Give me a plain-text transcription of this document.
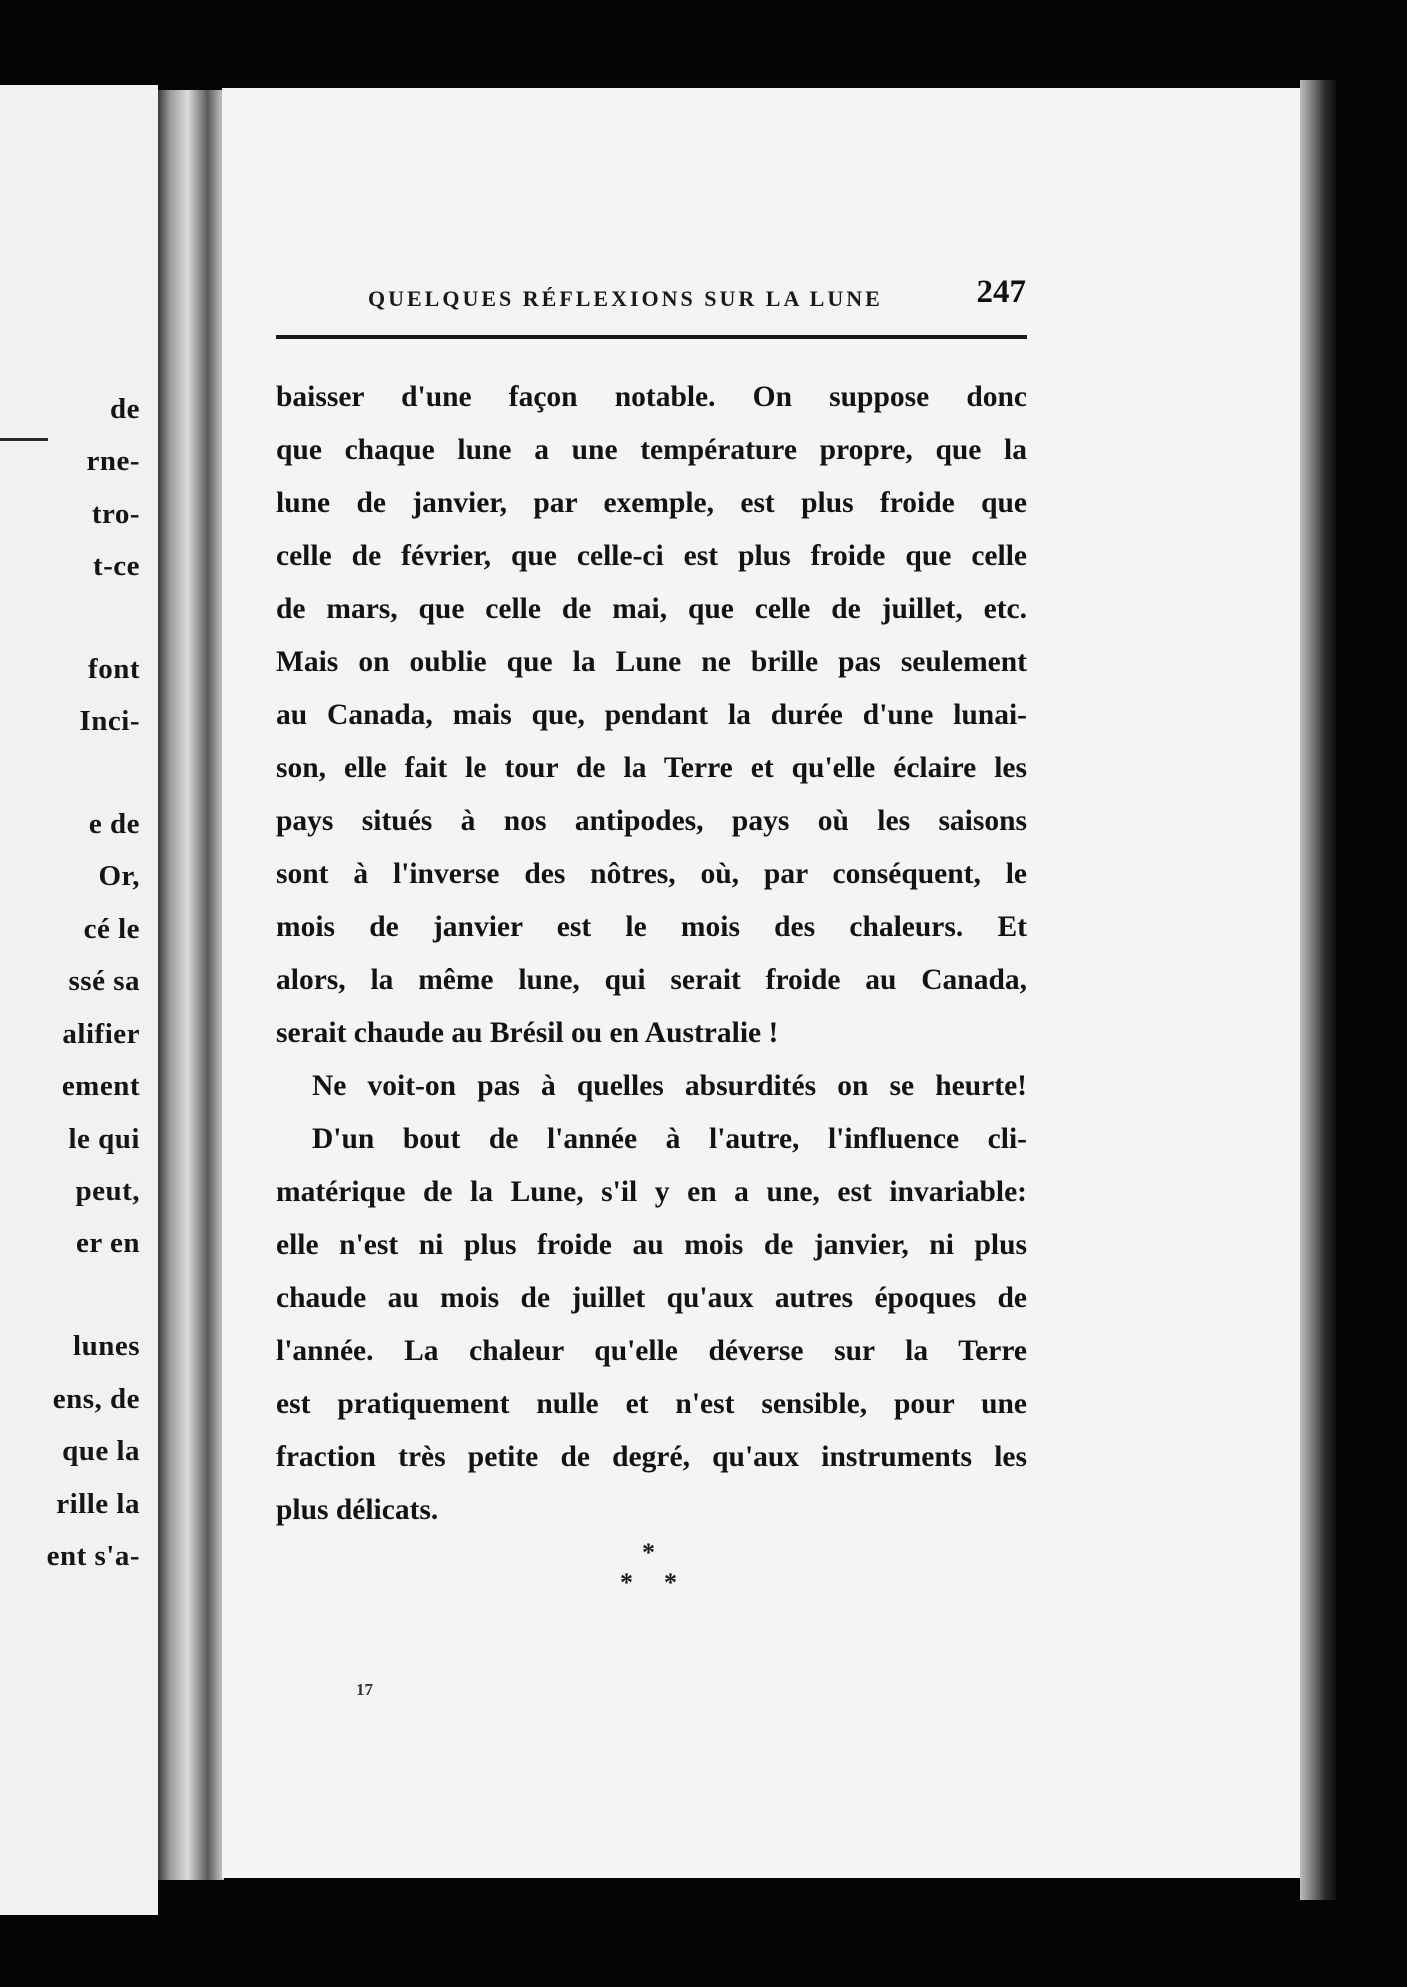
de
rne-
tro-
t-ce
font
Inci-
e de
Or,
cé le
ssé sa
alifier
ement
le qui
peut,
er en
lunes
ens, de
que la
rille la
ent s'a-
QUELQUES RÉFLEXIONS SUR LA LUNE	247
baisser d'une façon notable. On suppose donc
que chaque lune a une température propre, que la
lune de janvier, par exemple, est plus froide que
celle de février, que celle-ci est plus froide que celle
de mars, que celle de mai, que celle de juillet, etc.
Mais on oublie que la Lune ne brille pas seulement
au Canada, mais que, pendant la durée d'une lunai-
son, elle fait le tour de la Terre et qu'elle éclaire les
pays situés à nos antipodes, pays où les saisons
sont à l'inverse des nôtres, où, par conséquent, le
mois de janvier est le mois des chaleurs. Et
alors, la même lune, qui serait froide au Canada,
serait chaude au Brésil ou en Australie !
Ne voit-on pas à quelles absurdités on se heurte!
D'un bout de l'année à l'autre, l'influence cli-
matérique de la Lune, s'il y en a une, est invariable:
elle n'est ni plus froide au mois de janvier, ni plus
chaude au mois de juillet qu'aux autres époques de
l'année. La chaleur qu'elle déverse sur la Terre
est pratiquement nulle et n'est sensible, pour une
fraction très petite de degré, qu'aux instruments les
plus délicats.
*
* *
17
